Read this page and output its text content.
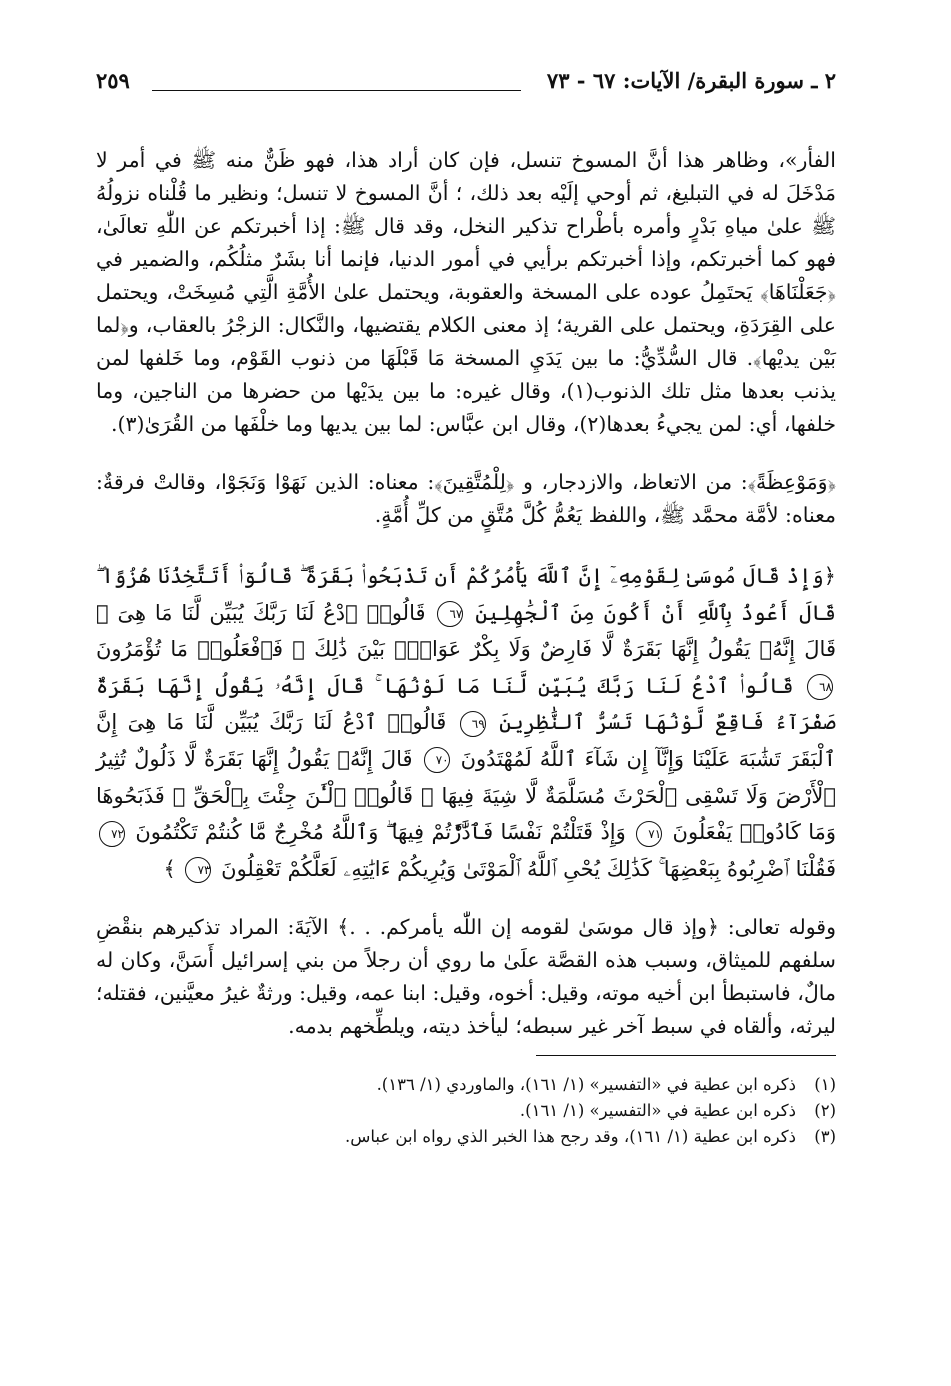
٢ ـ سورة البقرة/ الآيات: ٦٧ - ٧٣
٢٥٩

الفأر»، وظاهر هذا أنَّ المسوخ تنسل، فإن كان أراد هذا، فهو ظَنٌّ منه ﷺ في أمر لا مَدْخَلَ له في التبليغ، ثم أوحي إلَيْه بعد ذلك، ؛ أنَّ المسوخ لا تنسل؛ ونظير ما قُلْناه نزولُهُ ﷺ علىٰ مياهِ بَدْرٍ وأمره بأطْراح تذكير النخل، وقد قال ﷺ: إذا أخبرتكم عن اللّٰهِ تعالَىٰ، فهو كما أخبرتكم، وإذا أخبرتكم برأيي في أمور الدنيا، فإنما أنا بشَرٌ مثلُكُم، والضمير في ﴿جَعَلْنَاهَا﴾ يَحتَمِلُ عوده على المسخة والعقوبة، ويحتمل علىٰ الأُمَّةِ الَّتِي مُسِخَتْ، ويحتمل على القِرَدَةِ، ويحتمل على القرية؛ إذ معنى الكلام يقتضيها، والنَّكال: الزجْرُ بالعقاب، و﴿لما بَيْن يديْها﴾. قال السُّدِّيُّ: ما بين يَدَيِ المسخة مَا قَبْلَهَا من ذنوب القَوْم، وما خَلفها لمن يذنب بعدها مثل تلك الذنوب(١)، وقال غيره: ما بين يدَيْها من حضرها من الناجين، وما خلفها، أي: لمن يجيءُ بعدها(٢)، وقال ابن عبَّاس: لما بين يديها وما خلْفَها من القُرَىٰ(٣).

﴿وَمَوْعِظَةً﴾: من الاتعاظ، والازدجار، و ﴿لِلْمُتَّقِينَ﴾: معناه: الذين نَهَوْا وَنَجَوْا، وقالتْ فرقةٌ: معناه: لأمَّة محمَّد ﷺ، واللفظ يَعُمُّ كُلَّ مُتَّقٍ من كلِّ أُمَّةٍ.

﴿وَإِذْ قَالَ مُوسَىٰ لِقَوْمِهِۦٓ إِنَّ ٱللَّهَ يَأْمُرُكُمْ أَن تَذْبَحُوا۟ بَقَرَةً ۖ قَالُوٓا۟ أَتَتَّخِذُنَا هُزُوًا ۖ قَالَ أَعُوذُ بِٱللَّهِ أَنْ أَكُونَ مِنَ ٱلْجَٰهِلِينَ ٦٧ قَالُوا۟ ٱدْعُ لَنَا رَبَّكَ يُبَيِّن لَّنَا مَا هِىَ ۚ قَالَ إِنَّهُۥ يَقُولُ إِنَّهَا بَقَرَةٌ لَّا فَارِضٌ وَلَا بِكْرٌ عَوَانٌۢ بَيْنَ ذَٰلِكَ ۖ فَٱفْعَلُوا۟ مَا تُؤْمَرُونَ ٦٨ قَالُوا۟ ٱدْعُ لَنَا رَبَّكَ يُبَيِّن لَّنَا مَا لَوْنُهَا ۚ قَالَ إِنَّهُۥ يَقُولُ إِنَّهَا بَقَرَةٌ صَفْرَآءُ فَاقِعٌ لَّوْنُهَا تَسُرُّ ٱلنَّٰظِرِينَ ٦٩ قَالُوا۟ ٱدْعُ لَنَا رَبَّكَ يُبَيِّن لَّنَا مَا هِىَ إِنَّ ٱلْبَقَرَ تَشَٰبَهَ عَلَيْنَا وَإِنَّآ إِن شَآءَ ٱللَّهُ لَمُهْتَدُونَ ٧٠ قَالَ إِنَّهُۥ يَقُولُ إِنَّهَا بَقَرَةٌ لَّا ذَلُولٌ تُثِيرُ ٱلْأَرْضَ وَلَا تَسْقِى ٱلْحَرْثَ مُسَلَّمَةٌ لَّا شِيَةَ فِيهَا ۚ قَالُوا۟ ٱلْـَٰٔنَ جِئْتَ بِٱلْحَقِّ ۚ فَذَبَحُوهَا وَمَا كَادُوا۟ يَفْعَلُونَ ٧١ وَإِذْ قَتَلْتُمْ نَفْسًا فَٱدَّٰرَْٰٔتُمْ فِيهَا ۖ وَٱللَّهُ مُخْرِجٌ مَّا كُنتُمْ تَكْتُمُونَ ٧٢ فَقُلْنَا ٱضْرِبُوهُ بِبَعْضِهَا ۚ كَذَٰلِكَ يُحْىِ ٱللَّهُ ٱلْمَوْتَىٰ وَيُرِيكُمْ ءَايَٰتِهِۦ لَعَلَّكُمْ تَعْقِلُونَ ٧٣ ﴾

وقوله تعالى: ﴿وإذ قال موسَىٰ لقومه إن اللّٰه يأمركم. . .﴾ الآيَةَ: المراد تذكيرهم بنقْضِ سلفهم للميثاق، وسبب هذه القصَّة علَىٰ ما روي أن رجلاً من بني إسرائيل أَسَنَّ، وكان له مالٌ، فاستبطأ ابن أخيه موته، وقيل: أخوه، وقيل: ابنا عمه، وقيل: ورثةٌ غيرُ معيَّنين، فقتله؛ ليرثه، وألقاه في سبط آخر غير سبطه؛ ليأخذ ديته، ويلطِّخهم بدمه.

(١)
ذكره ابن عطية في «التفسير» (١/ ١٦١)، والماوردي (١/ ١٣٦).
(٢)
ذكره ابن عطية في «التفسير» (١/ ١٦١).
(٣)
ذكره ابن عطية (١/ ١٦١)، وقد رجح هذا الخبر الذي رواه ابن عباس.
